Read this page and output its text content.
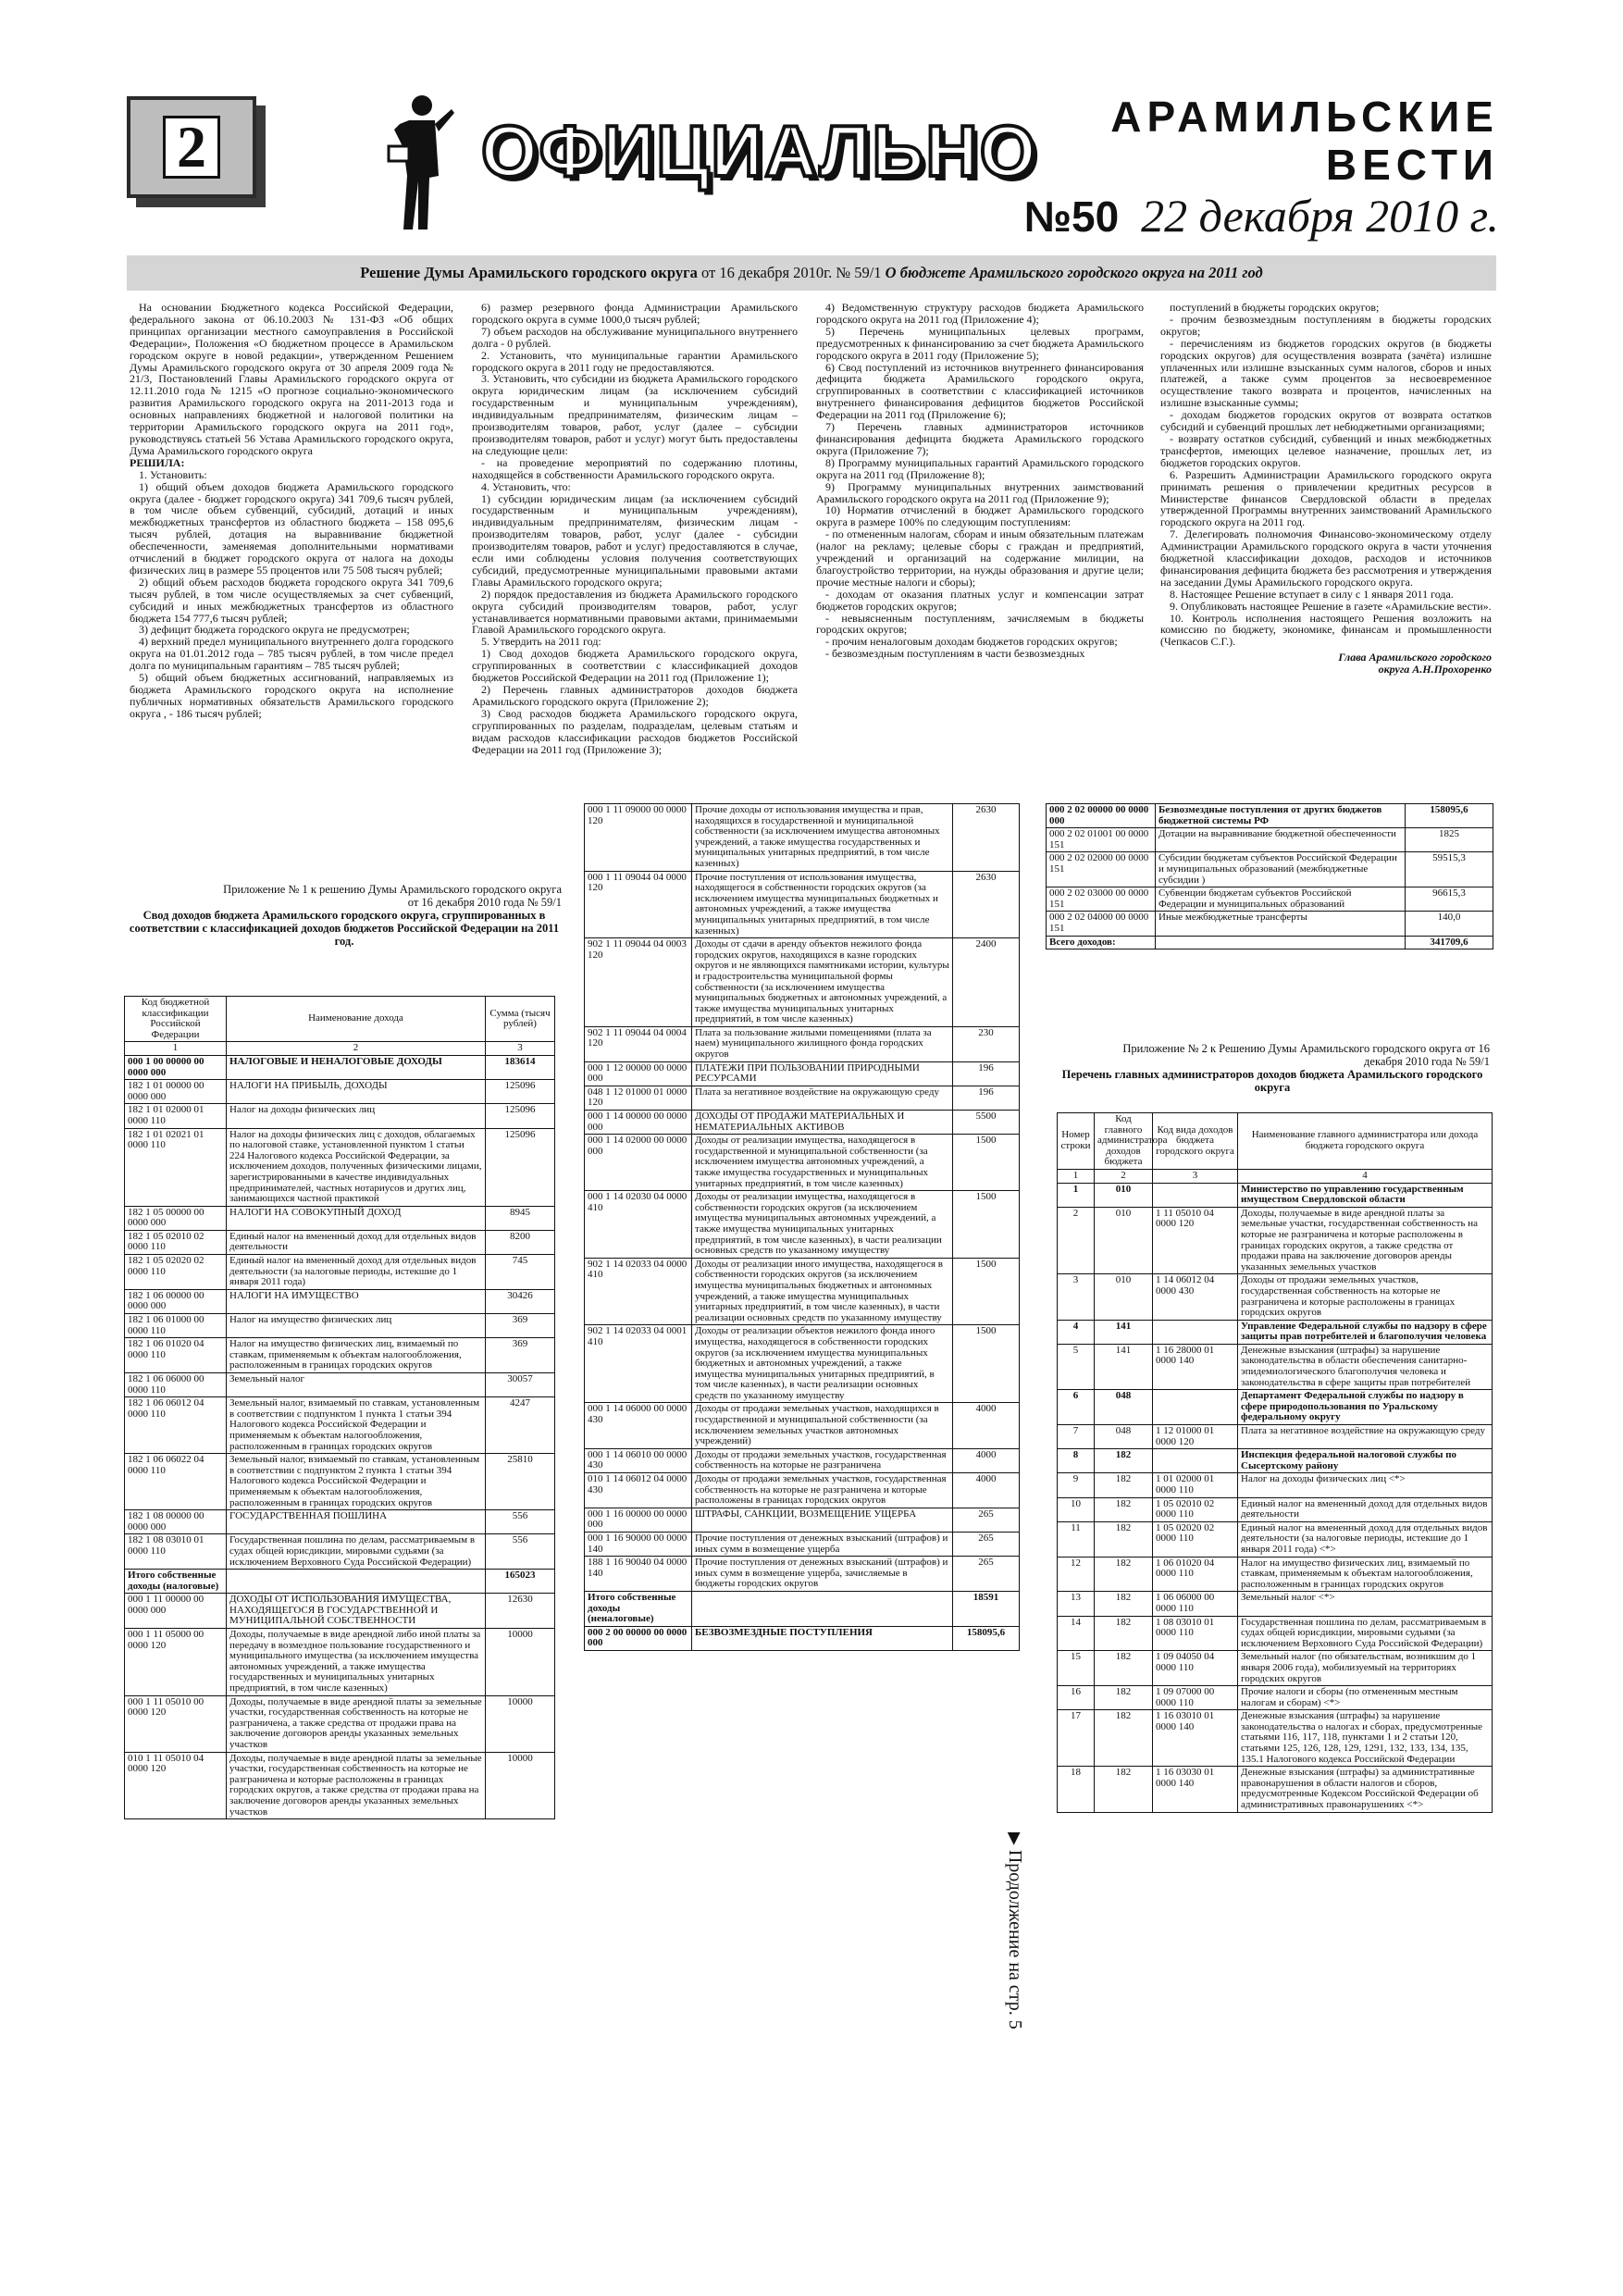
2	ОФИЦИАЛЬНО	АРАМИЛЬСКИЕ ВЕСТИ
№50 22 декабря 2010 г.
Решение Думы Арамильского городского округа от 16 декабря 2010г. № 59/1 О бюджете Арамильского городского округа на 2011 год

На основании Бюджетного кодекса Российской Федерации, федерального закона от 06.10.2003 № 131-ФЗ «Об общих принципах организации местного самоуправления в Российской Федерации», Положения «О бюджетном процессе в Арамильском городском округе в новой редакции», утвержденном Решением Думы Арамильского городского округа от 30 апреля 2009 года № 21/3, Постановлений Главы Арамильского городского округа от 12.11.2010 года № 1215 «О прогнозе социально-экономического развития Арамильского городского округа на 2011-2013 года и основных направлениях бюджетной и налоговой политики на территории Арамильского городского округа на 2011 год», руководствуясь статьей 56 Устава Арамильского городского округа, Дума Арамильского городского округа

РЕШИЛА:

1. Установить:

1) общий объем доходов бюджета Арамильского городского округа (далее - бюджет городского округа) 341 709,6 тысяч рублей, в том числе объем субвенций, субсидий, дотаций и иных межбюджетных трансфертов из областного бюджета – 158 095,6 тысяч рублей, дотация на выравнивание бюджетной обеспеченности, заменяемая дополнительными нормативами отчислений в бюджет городского округа от налога на доходы физических лиц в размере 55 процентов или 75 508 тысяч рублей;

2) общий объем расходов бюджета городского округа 341 709,6 тысяч рублей, в том числе осуществляемых за счет субвенций, субсидий и иных межбюджетных трансфертов из областного бюджета 154 777,6 тысяч рублей;

3) дефицит бюджета городского округа не предусмотрен;

4) верхний предел муниципального внутреннего долга городского округа на 01.01.2012 года – 785 тысяч рублей, в том числе предел долга по муниципальным гарантиям – 785 тысяч рублей;

5) общий объем бюджетных ассигнований, направляемых из бюджета Арамильского городского округа на исполнение публичных нормативных обязательств Арамильского городского округа , - 186 тысяч рублей;

6) размер резервного фонда Администрации Арамильского городского округа в сумме 1000,0 тысяч рублей;

7) объем расходов на обслуживание муниципального внутреннего долга - 0 рублей.

2. Установить, что муниципальные гарантии Арамильского городского округа в 2011 году не предоставляются.

3. Установить, что субсидии из бюджета Арамильского городского округа юридическим лицам (за исключением субсидий государственным и муниципальным учреждениям), индивидуальным предпринимателям, физическим лицам – производителям товаров, работ, услуг (далее – субсидии производителям товаров, работ и услуг) могут быть предоставлены на следующие цели:

- на проведение мероприятий по содержанию плотины, находящейся в собственности Арамильского городского округа.

4. Установить, что:

1) субсидии юридическим лицам (за исключением субсидий государственным и муниципальным учреждениям), индивидуальным предпринимателям, физическим лицам - производителям товаров, работ, услуг (далее - субсидии производителям товаров, работ и услуг) предоставляются в случае, если ими соблюдены условия получения соответствующих субсидий, предусмотренные муниципальными правовыми актами Главы Арамильского городского округа;

2) порядок предоставления из бюджета Арамильского городского округа субсидий производителям товаров, работ, услуг устанавливается нормативными правовыми актами, принимаемыми Главой Арамильского городского округа.

5. Утвердить на 2011 год:

1) Свод доходов бюджета Арамильского городского округа, сгруппированных в соответствии с классификацией доходов бюджетов Российской Федерации на 2011 год (Приложение 1);

2) Перечень главных администраторов доходов бюджета Арамильского городского округа (Приложение 2);

3) Свод расходов бюджета Арамильского городского округа, сгруппированных по разделам, подразделам, целевым статьям и видам расходов классификации расходов бюджетов Российской Федерации на 2011 год (Приложение 3);

4) Ведомственную структуру расходов бюджета Арамильского городского округа на 2011 год (Приложение 4);

5) Перечень муниципальных целевых программ, предусмотренных к финансированию за счет бюджета Арамильского городского округа в 2011 году (Приложение 5);

6) Свод поступлений из источников внутреннего финансирования дефицита бюджета Арамильского городского округа, сгруппированных в соответствии с классификацией источников внутреннего финансирования дефицитов бюджетов Российской Федерации на 2011 год (Приложение 6);

7) Перечень главных администраторов источников финансирования дефицита бюджета Арамильского городского округа (Приложение 7);

8) Программу муниципальных гарантий Арамильского городского округа на 2011 год (Приложение 8);

9) Программу муниципальных внутренних заимствований Арамильского городского округа на 2011 год (Приложение 9);

10) Норматив отчислений в бюджет Арамильского городского округа в размере 100% по следующим поступлениям:

- по отмененным налогам, сборам и иным обязательным платежам (налог на рекламу; целевые сборы с граждан и предприятий, учреждений и организаций на содержание милиции, на благоустройство территории, на нужды образования и другие цели; прочие местные налоги и сборы);

- доходам от оказания платных услуг и компенсации затрат бюджетов городских округов;

- невыясненным поступлениям, зачисляемым в бюджеты городских округов;

- прочим неналоговым доходам бюджетов городских округов;

- безвозмездным поступлениям в части безвозмездных

поступлений в бюджеты городских округов;

- прочим безвозмездным поступлениям в бюджеты городских округов;

- перечислениям из бюджетов городских округов (в бюджеты городских округов) для осуществления возврата (зачёта) излишне уплаченных или излишне взысканных сумм налогов, сборов и иных платежей, а также сумм процентов за несвоевременное осуществление такого возврата и процентов, начисленных на излишне взысканные суммы;

- доходам бюджетов городских округов от возврата остатков субсидий и субвенций прошлых лет небюджетными организациями;

- возврату остатков субсидий, субвенций и иных межбюджетных трансфертов, имеющих целевое назначение, прошлых лет, из бюджетов городских округов.

6. Разрешить Администрации Арамильского городского округа принимать решения о привлечении кредитных ресурсов в Министерстве финансов Свердловской области в пределах утвержденной Программы внутренних заимствований Арамильского городского округа на 2011 год.

7. Делегировать полномочия Финансово-экономическому отделу Администрации Арамильского городского округа в части уточнения бюджетной классификации доходов, расходов и источников финансирования дефицита бюджета без рассмотрения и утверждения на заседании Думы Арамильского городского округа.

8. Настоящее Решение вступает в силу с 1 января 2011 года.

9. Опубликовать настоящее Решение в газете «Арамильские вести».

10. Контроль исполнения настоящего Решения возложить на комиссию по бюджету, экономике, финансам и промышленности (Чепкасов С.Г.).

Глава Арамильского городского

округа А.Н.Прохоренко

Приложение № 1 к решению Думы Арамильского городского округа
от 16 декабря 2010 года № 59/1
Свод доходов бюджета Арамильского городского округа, сгруппированных в соответствии с классификацией доходов бюджетов Российской Федерации на 2011 год.
Код бюджетной классификации Российской Федерации	Наименование дохода	Сумма (тысяч рублей)
1	2	3
000 1 00 00000 00 0000 000	НАЛОГОВЫЕ И НЕНАЛОГОВЫЕ ДОХОДЫ	183614
182 1 01 00000 00 0000 000	НАЛОГИ НА ПРИБЫЛЬ, ДОХОДЫ	125096
182 1 01 02000 01 0000 110	Налог на доходы физических лиц	125096
182 1 01 02021 01 0000 110	Налог на доходы физических лиц с доходов, облагаемых по налоговой ставке, установленной пунктом 1 статьи 224 Налогового кодекса Российской Федерации, за исключением доходов, полученных физическими лицами, зарегистрированными в качестве индивидуальных предпринимателей, частных нотариусов и других лиц, занимающихся частной практикой	125096
182 1 05 00000 00 0000 000	НАЛОГИ НА СОВОКУПНЫЙ ДОХОД	8945
182 1 05 02010 02 0000 110	Единый налог на вмененный доход для отдельных видов деятельности	8200
182 1 05 02020 02 0000 110	Единый налог на вмененный доход для отдельных видов деятельности (за налоговые периоды, истекшие до 1 января 2011 года)	745
182 1 06 00000 00 0000 000	НАЛОГИ НА ИМУЩЕСТВО	30426
182 1 06 01000 00 0000 110	Налог на имущество физических лиц	369
182 1 06 01020 04 0000 110	Налог на имущество физических лиц, взимаемый по ставкам, применяемым к объектам налогообложения, расположенным в границах городских округов	369
182 1 06 06000 00 0000 110	Земельный налог	30057
182 1 06 06012 04 0000 110	Земельный налог, взимаемый по ставкам, установленным в соответствии с подпунктом 1 пункта 1 статьи 394 Налогового кодекса Российской Федерации и применяемым к объектам налогообложения, расположенным в границах городских округов	4247
182 1 06 06022 04 0000 110	Земельный налог, взимаемый по ставкам, установленным в соответствии с подпунктом 2 пункта 1 статьи 394 Налогового кодекса Российской Федерации и применяемым к объектам налогообложения, расположенным в границах городских округов	25810
182 1 08 00000 00 0000 000	ГОСУДАРСТВЕННАЯ ПОШЛИНА	556
182 1 08 03010 01 0000 110	Государственная пошлина по делам, рассматриваемым в судах общей юрисдикции, мировыми судьями (за исключением Верховного Суда Российской Федерации)	556
Итого собственные доходы (налоговые)		165023
000 1 11 00000 00 0000 000	ДОХОДЫ ОТ ИСПОЛЬЗОВАНИЯ ИМУЩЕСТВА, НАХОДЯЩЕГОСЯ В ГОСУДАРСТВЕННОЙ И МУНИЦИПАЛЬНОЙ СОБСТВЕННОСТИ	12630
000 1 11 05000 00 0000 120	Доходы, получаемые в виде арендной либо иной платы за передачу в возмездное пользование государственного и муниципального имущества (за исключением имущества автономных учреждений, а также имущества государственных и муниципальных унитарных предприятий, в том числе казенных)	10000
000 1 11 05010 00 0000 120	Доходы, получаемые в виде арендной платы за земельные участки, государственная собственность на которые не разграничена, а также средства от продажи права на заключение договоров аренды указанных земельных участков	10000
010 1 11 05010 04 0000 120	Доходы, получаемые в виде арендной платы за земельные участки, государственная собственность на которые не разграничена и которые расположены в границах городских округов, а также средства от продажи права на заключение договоров аренды указанных земельных участков	10000
000 1 11 09000 00 0000 120	Прочие доходы от использования имущества и прав, находящихся в государственной и муниципальной собственности (за исключением имущества автономных учреждений, а также имущества государственных и муниципальных унитарных предприятий, в том числе казенных)	2630
000 1 11 09044 04 0000 120	Прочие поступления от использования имущества, находящегося в собственности городских округов (за исключением имущества муниципальных бюджетных и автономных учреждений, а также имущества муниципальных унитарных предприятий, в том числе казенных)	2630
902 1 11 09044 04 0003 120	Доходы от сдачи в аренду объектов нежилого фонда городских округов, находящихся в казне городских округов и не являющихся памятниками истории, культуры и градостроительства муниципальной формы собственности (за исключением имущества муниципальных бюджетных и автономных учреждений, а также имущества муниципальных унитарных предприятий, в том числе казенных)	2400
902 1 11 09044 04 0004 120	Плата за пользование жилыми помещениями (плата за наем) муниципального жилищного фонда городских округов	230
000 1 12 00000 00 0000 000	ПЛАТЕЖИ ПРИ ПОЛЬЗОВАНИИ ПРИРОДНЫМИ РЕСУРСАМИ	196
048 1 12 01000 01 0000 120	Плата за негативное воздействие на окружающую среду	196
000 1 14 00000 00 0000 000	ДОХОДЫ ОТ ПРОДАЖИ МАТЕРИАЛЬНЫХ И НЕМАТЕРИАЛЬНЫХ АКТИВОВ	5500
000 1 14 02000 00 0000 000	Доходы от реализации имущества, находящегося в государственной и муниципальной собственности (за исключением имущества автономных учреждений, а также имущества государственных и муниципальных унитарных предприятий, в том числе казенных)	1500
000 1 14 02030 04 0000 410	Доходы от реализации имущества, находящегося в собственности городских округов (за исключением имущества муниципальных автономных учреждений, а также имущества муниципальных унитарных предприятий, в том числе казенных), в части реализации основных средств по указанному имуществу	1500
902 1 14 02033 04 0000 410	Доходы от реализации иного имущества, находящегося в собственности городских округов (за исключением имущества муниципальных бюджетных и автономных учреждений, а также имущества муниципальных унитарных предприятий, в том числе казенных), в части реализации основных средств по указанному имуществу	1500
902 1 14 02033 04 0001 410	Доходы от реализации объектов нежилого фонда иного имущества, находящегося в собственности городских округов (за исключением имущества муниципальных бюджетных и автономных учреждений, а также имущества муниципальных унитарных предприятий, в том числе казенных), в части реализации основных средств по указанному имуществу	1500
000 1 14 06000 00 0000 430	Доходы от продажи земельных участков, находящихся в государственной и муниципальной собственности (за исключением земельных участков автономных учреждений)	4000
000 1 14 06010 00 0000 430	Доходы от продажи земельных участков, государственная собственность на которые не разграничена	4000
010 1 14 06012 04 0000 430	Доходы от продажи земельных участков, государственная собственность на которые не разграничена и которые расположены в границах городских округов	4000
000 1 16 00000 00 0000 000	ШТРАФЫ, САНКЦИИ, ВОЗМЕЩЕНИЕ УЩЕРБА	265
000 1 16 90000 00 0000 140	Прочие поступления от денежных взысканий (штрафов) и иных сумм в возмещение ущерба	265
188 1 16 90040 04 0000 140	Прочие поступления от денежных взысканий (штрафов) и иных сумм в возмещение ущерба, зачисляемые в бюджеты городских округов	265
Итого собственные доходы (неналоговые)		18591
000 2 00 00000 00 0000 000	БЕЗВОЗМЕЗДНЫЕ ПОСТУПЛЕНИЯ	158095,6
000 2 02 00000 00 0000 000	Безвозмездные поступления от других бюджетов бюджетной системы РФ	158095,6
000 2 02 01001 00 0000 151	Дотации на выравнивание бюджетной обеспеченности	1825
000 2 02 02000 00 0000 151	Субсидии бюджетам субъектов Российской Федерации и муниципальных образований (межбюджетные субсидии )	59515,3
000 2 02 03000 00 0000 151	Субвенции бюджетам субъектов Российской Федерации и муниципальных образований	96615,3
000 2 02 04000 00 0000 151	Иные межбюджетные трансферты	140,0
Всего доходов:		341709,6
Приложение № 2 к Решению Думы Арамильского городского округа от 16
декабря 2010 года № 59/1
Перечень главных администраторов доходов бюджета Арамильского городского округа
Номер строки	Код главного администратора доходов бюджета	Код вида доходов бюджета городского округа	Наименование главного администратора или дохода бюджета городского округа
1	2	3	4
1	010		Министерство по управлению государственным имуществом Свердловской области
2	010	1 11 05010 04 0000 120	Доходы, получаемые в виде арендной платы за земельные участки, государственная собственность на которые не разграничена и которые расположены в границах городских округов, а также средства от продажи права на заключение договоров аренды указанных земельных участков
3	010	1 14 06012 04 0000 430	Доходы от продажи земельных участков, государственная собственность на которые не разграничена и которые расположены в границах городских округов
4	141		Управление Федеральной службы по надзору в сфере защиты прав потребителей и благополучия человека
5	141	1 16 28000 01 0000 140	Денежные взыскания (штрафы) за нарушение законодательства в области обеспечения санитарно-эпидемиологического благополучия человека и законодательства в сфере защиты прав потребителей
6	048		Департамент Федеральной службы по надзору в сфере природопользования по Уральскому федеральному округу
7	048	1 12 01000 01 0000 120	Плата за негативное воздействие на окружающую среду
8	182		Инспекция федеральной налоговой службы по Сысертскому району
9	182	1 01 02000 01 0000 110	Налог на доходы физических лиц <*>
10	182	1 05 02010 02 0000 110	Единый налог на вмененный доход для отдельных видов деятельности
11	182	1 05 02020 02 0000 110	Единый налог на вмененный доход для отдельных видов деятельности (за налоговые периоды, истекшие до 1 января 2011 года) <*>
12	182	1 06 01020 04 0000 110	Налог на имущество физических лиц, взимаемый по ставкам, применяемым к объектам налогообложения, расположенным в границах городских округов
13	182	1 06 06000 00 0000 110	Земельный налог <*>
14	182	1 08 03010 01 0000 110	Государственная пошлина по делам, рассматриваемым в судах общей юрисдикции, мировыми судьями (за исключением Верховного Суда Российской Федерации)
15	182	1 09 04050 04 0000 110	Земельный налог (по обязательствам, возникшим до 1 января 2006 года), мобилизуемый на территориях городских округов
16	182	1 09 07000 00 0000 110	Прочие налоги и сборы (по отмененным местным налогам и сборам) <*>
17	182	1 16 03010 01 0000 140	Денежные взыскания (штрафы) за нарушение законодательства о налогах и сборах, предусмотренные статьями 116, 117, 118, пунктами 1 и 2 статьи 120, статьями 125, 126, 128, 129, 1291, 132, 133, 134, 135, 135.1 Налогового кодекса Российской Федерации
18	182	1 16 03030 01 0000 140	Денежные взыскания (штрафы) за административные правонарушения в области налогов и сборов, предусмотренные Кодексом Российской Федерации об административных правонарушениях <*>
▶ Продолжение на стр. 5
